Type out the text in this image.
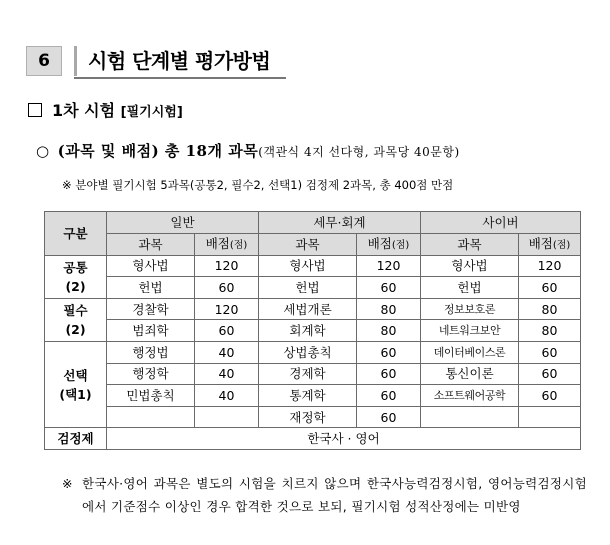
6	시험 단계별 평가방법
1차 시험 [필기시험]
○ (과목 및 배점) 총 18개 과목(객관식 4지 선다형, 과목당 40문항)
※ 분야별 필기시험 5과목(공통2, 필수2, 선택1) 검정제 2과목, 총 400점 만점
구분	일반		세무·회계		사이버	
	과목	배점(점)	과목	배점(점)	과목	배점(점)

공통
(2)	형사법	120	형사법	120	형사법	120
	헌법	60	헌법	60	헌법	60

필수
(2)	경찰학	120	세법개론	80	정보보호론	80
	범죄학	60	회계학	80	네트워크보안	80

선택
(택1)	행정법	40	상법총칙	60	데이터베이스론	60
	행정학	40	경제학	60	통신이론	60
	민법총칙	40	통계학	60	소프트웨어공학	60
			재정학	60		
검정제	한국사 · 영어					
※ 한국사·영어 과목은 별도의 시험을 치르지 않으며 한국사능력검정시험, 영어능력검정시험에서 기준점수 이상인 경우 합격한 것으로 보되, 필기시험 성적산정에는 미반영
